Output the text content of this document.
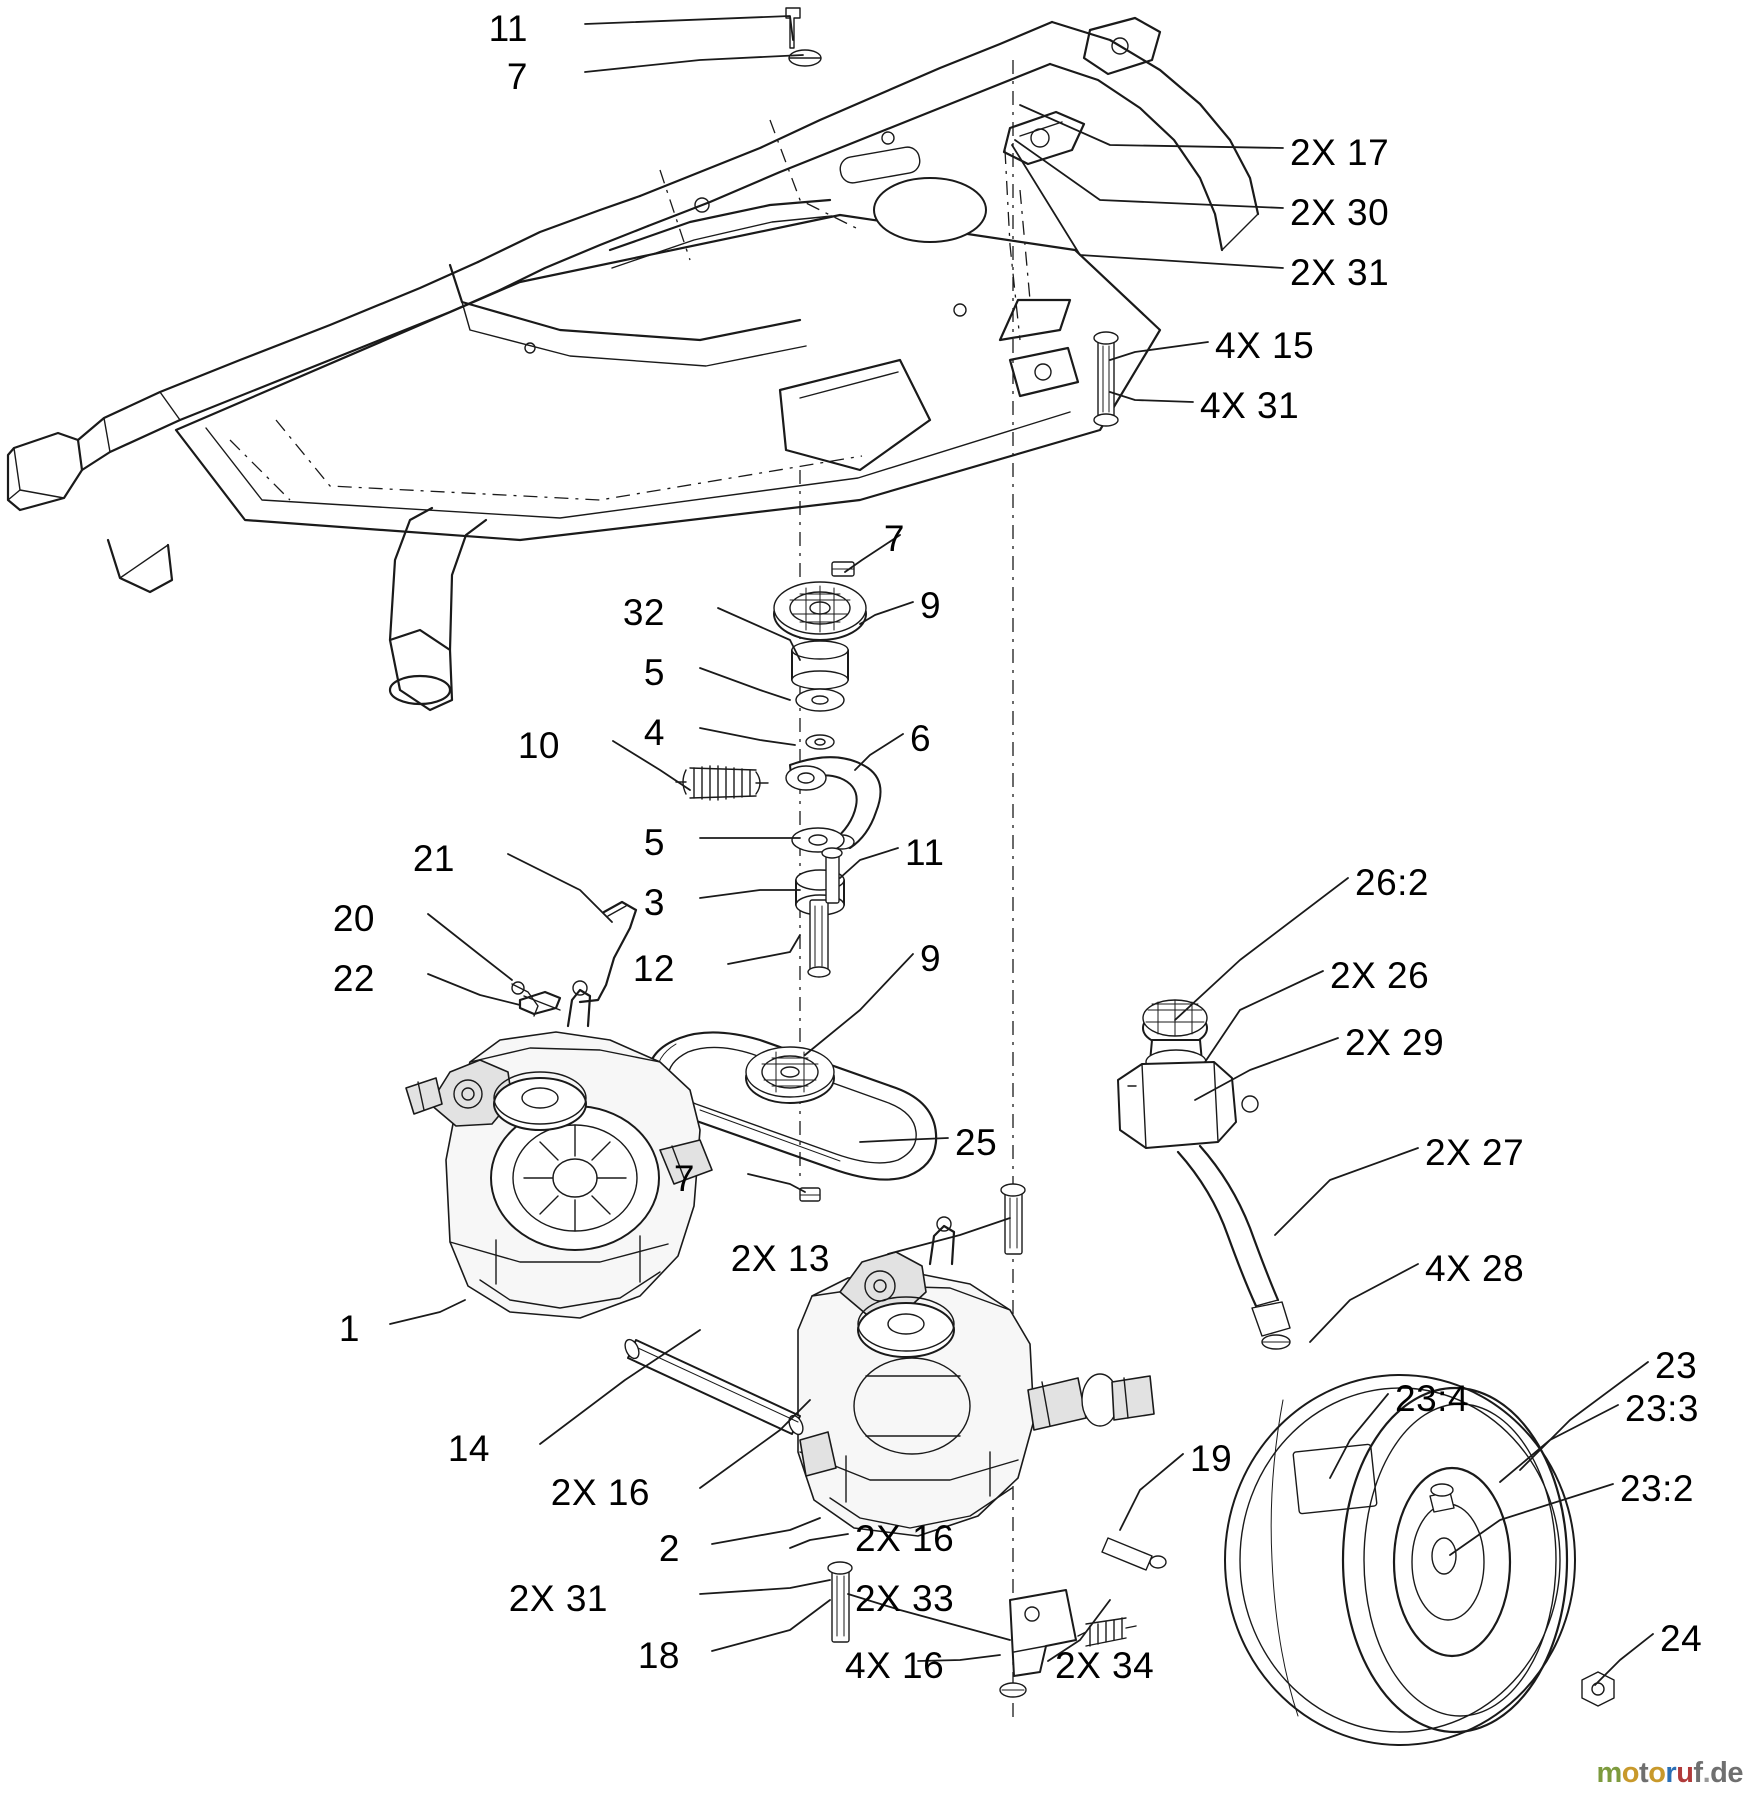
11
7
2X 17
2X 30
2X 31
4X 15
4X 31
7
32	9
5
4
10	6
5	11
21
3
20
22	12	9
26:2
2X 26
2X 29
25	2X 27
7
2X 13	4X 28
1
23
23:3
23:4
14	19
2X 16	23:2
2	2X 16
2X 31	2X 33
18	4X 16	2X 34
24
motoruf.de
